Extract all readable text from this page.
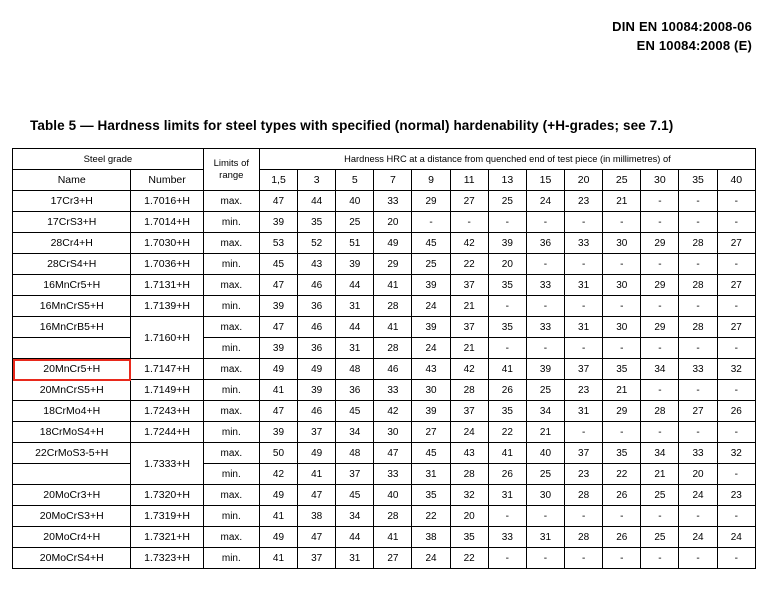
DIN EN 10084:2008-06
EN 10084:2008 (E)
Table 5 — Hardness limits for steel types with specified (normal) hardenability (+H-grades; see 7.1)
Steel grade		Limits of range	Hardness HRC at a distance from quenched end of test piece (in millimetres) of												
Name	Number		1,5	3	5	7	9	11	13	15	20	25	30	35	40
17Cr3+H	1.7016+H	max.	47	44	40	33	29	27	25	24	23	21	-	-	-
17CrS3+H	1.7014+H	min.	39	35	25	20	-	-	-	-	-	-	-	-	-
28Cr4+H	1.7030+H	max.	53	52	51	49	45	42	39	36	33	30	29	28	27
28CrS4+H	1.7036+H	min.	45	43	39	29	25	22	20	-	-	-	-	-	-
16MnCr5+H	1.7131+H	max.	47	46	44	41	39	37	35	33	31	30	29	28	27
16MnCrS5+H	1.7139+H	min.	39	36	31	28	24	21	-	-	-	-	-	-	-
16MnCrB5+H	1.7160+H	max.	47	46	44	41	39	37	35	33	31	30	29	28	27
		min.	39	36	31	28	24	21	-	-	-	-	-	-	-
20MnCr5+H	1.7147+H	max.	49	49	48	46	43	42	41	39	37	35	34	33	32
20MnCrS5+H	1.7149+H	min.	41	39	36	33	30	28	26	25	23	21	-	-	-
18CrMo4+H	1.7243+H	max.	47	46	45	42	39	37	35	34	31	29	28	27	26
18CrMoS4+H	1.7244+H	min.	39	37	34	30	27	24	22	21	-	-	-	-	-
22CrMoS3-5+H	1.7333+H	max.	50	49	48	47	45	43	41	40	37	35	34	33	32
		min.	42	41	37	33	31	28	26	25	23	22	21	20	-
20MoCr3+H	1.7320+H	max.	49	47	45	40	35	32	31	30	28	26	25	24	23
20MoCrS3+H	1.7319+H	min.	41	38	34	28	22	20	-	-	-	-	-	-	-
20MoCr4+H	1.7321+H	max.	49	47	44	41	38	35	33	31	28	26	25	24	24
20MoCrS4+H	1.7323+H	min.	41	37	31	27	24	22	-	-	-	-	-	-	-
